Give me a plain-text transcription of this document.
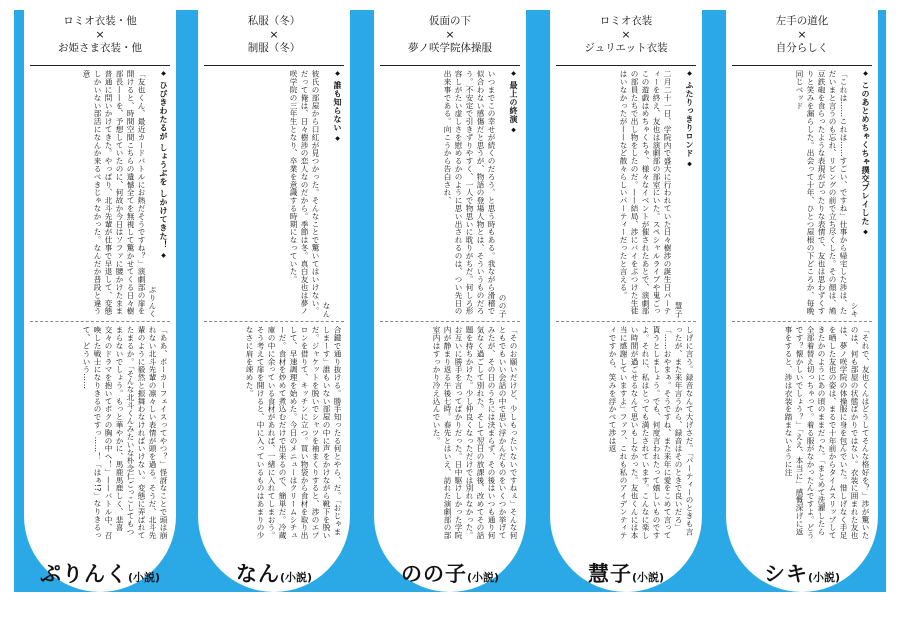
ロミオ衣装・他
×
お姫さま衣装・他

◆ ひびきわたるが しょうぶを しかけてきた！ ◆

ぷりんく

「友也くん、最近カードバトルにお熱だそうですね？」演劇部の扉を開けると、時間空間こちらの遺憾全てを無視して驚かせてくる日々樹部長——を、予想していたのに、何故か今日はソファに腰かけたまま普通に問いかけてきた。やっぱり、北斗先輩が仕事で早退して、変態しかいない部活になんか来るべきじゃなかった。なんだか普段と違う意

「ああ、ポーカーフェイスってやつ？」怪訝なことで頭は崩れない北斗先輩の凛々しい表情が頭を過る。そうだ、北斗先輩のように毅然と振舞わなければいけない。変態に弄ばれてたまるか。「そんな北斗くんみたいな朴念仁ごっこしてもつまらないでしょう。もっと華やかに、馬鹿馬鹿しく、悲喜交々のドラマを抱いてボクの胸の中へ！」——バトル中、召喚した戦士になりきるのですっ……！「はぁ!?」なりきるって、どういう……

ぷりんく(小説)
私服（冬）
×
制服（冬）

◆ 誰も知らない ◆

なん

彼氏の部屋から口紅が見つかった。そんなことで驚いてはいけない。だって俺は、日々樹渉の恋人なのだから。季節は冬。真白友也は夢ノ咲学院の三年生となり、卒業を意識する時期になっていた。

合鍵で通り抜ける。勝手知ったる何とやら、だ。「おじゃましまーす」誰もいない部屋の中に声をかけながら靴下を脱いだ。ジャケットを脱いでシャツを袖まくりすると、渉のエプロンを借りて、キッチンに立つ。買い物袋から食材を取り出して、早速調理を始めた。今日のメニューはクリームシチューだ。食材を炒めて煮込むだけで出来るので、簡単だ。冷蔵庫の中に余っている食材があれば、一緒に入れてしまおう。そう考えて扉を開けると、中に入っているものはあまりの少なさに肩を竦めた。

なん(小説)
仮面の下
×
夢ノ咲学院体操服

◆ 最上の終演 ◆

のの子

いつまでこの幸せが続くのだろう、と思う時もある。我ながら滑稽で似合わない感傷だと思うが、物語の登場人物とは、そういうものだろう。不安定で引きずりやすく、一人で物思いに耽りがちだ。何しろ形容しがたい虚しさを慰めるかのように思い出されるのは、つい先日の出来事である。向こうから告白され、

「そのお願いだけど、少しもったいないですねぇ」そんな何ともでもいい会話の中で思い浮かんだものをいくつか挙げてみたが、その日のうちには決まらず、その後はいつも通り何気なく過ごして別れた。そして翌日の放課後、改めてその話題を持ちかけた。少し仲良くなっただけでは別れなかった。お互いに勝手を言ってばかりだった。日中駆けしかった学院内が静まり返る午後七時。春先とはいえ、訪れた演劇部の部室内はすっかり冷え込んでいた。

のの子(小説)
ロミオ衣装
×
ジュリエット衣装

◆ ふたりっきりロンド ◆

慧子

二月二十一日、学院内で盛大に行われていた日々樹渉の誕生日パーティーを終え、友也は演劇部の部室にいた。スペシャルライブや鬼ごっこの遊戯はめちゃくちゃ、様々なイベントが催されたあとで、演劇部の部員たちで出し物をしたのだ。——結局、渉にバイをぶつけた生徒はいなかったが——など散々らしいパーティーだったと言える。

しげに言う。録音なんて大げさだ。「パーティーのときも言ったが、また来年言うから、録音はそのときで良いだろ」「……おやまぁ。そうですね、また来年に愛をこめて言って貰うとしましょう。でも、何度言われたって嬉しいものですよ。それに、私はとっても満たされています。こんなに楽しい時間が過ごせるなんて思いもしなかった。友也くんには本当に感謝していますよ」ファフ、これも私のアイデンティティですから、笑みを浮かべて渉は返

慧子(小説)
左手の道化
×
自分らしく

◆ このあとめちゃくちゃ撲交プレイした ◆

シキ

「これは……これは……すごい、ですね」仕事から帰宅した渉は、ただいまと言うのも忘れ、リビングの前で立ち尽くした。その顔は、鳩豆鉄砲を食らったような表現がぴったりな表情で、友也は思わずくすりと笑みを漏らした。出会って十年、ひとつ屋根の下どころか、毎晩同じベッド

「それで、友也くんはどうしてそんな格好を？」渉が驚いたのは、何も部屋の状態ばかりではない。衣装に囲まれた友也は、夢ノ咲学院の体操服に身を包んでいた。惜しげなく手足を晒した友也の姿は、まるで十年前からタイムスリップしてきたかのようにあの頃のままだった。「まとめて洗濯したら全部着替え切っちゃって。着る服がなかったんですよ。どうです？懐かしいでしょう？」「ええ、本当に」感慨深げに返事をすると、渉は衣装を踏まないように注

シキ(小説)
